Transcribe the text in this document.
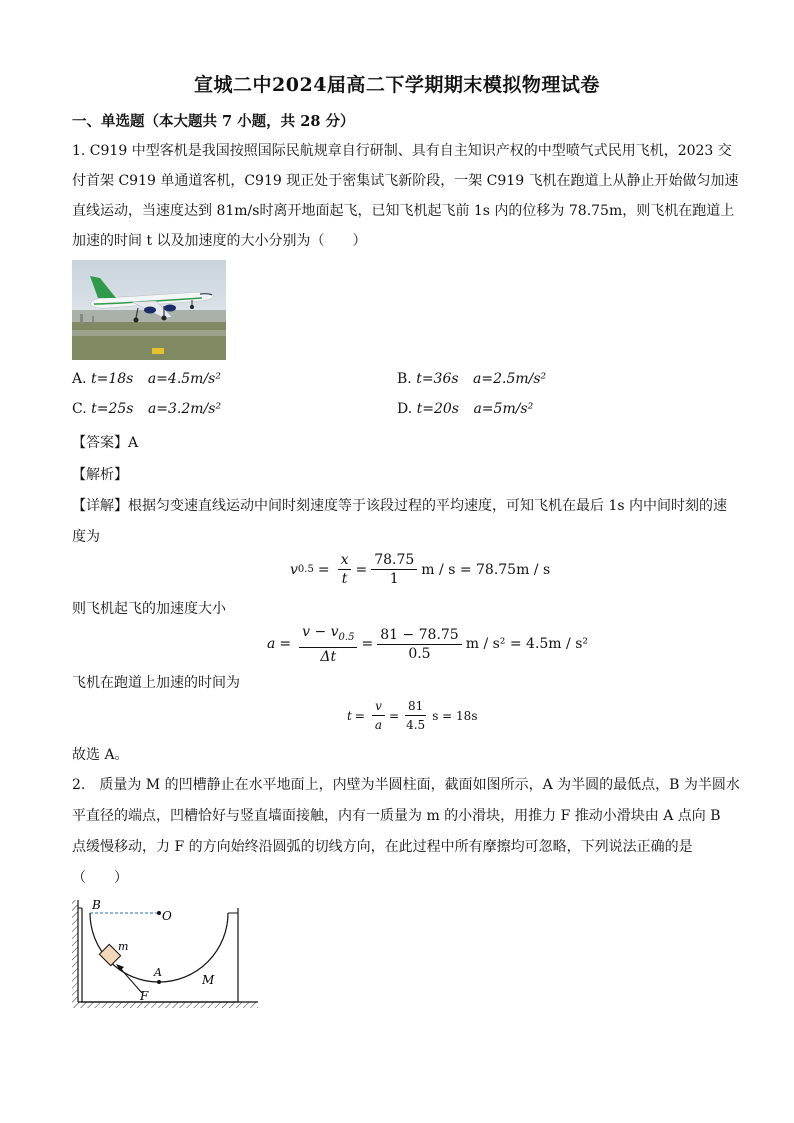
宣城二中2024届高二下学期期末模拟物理试卷
一、单选题（本大题共 7 小题，共 28 分）
1. C919 中型客机是我国按照国际民航规章自行研制、具有自主知识产权的中型喷气式民用飞机，2023 交
付首架 C919 单通道客机，C919 现正处于密集试飞新阶段，一架 C919 飞机在跑道上从静止开始做匀加速
直线运动，当速度达到 81m/s时离开地面起飞，已知飞机起飞前 1s 内的位移为 78.75m，则飞机在跑道上
加速的时间 t 以及加速度的大小分别为（　　）
A. t=18s a=4.5m/s²	B. t=36s a=2.5m/s²
C. t=25s a=3.2m/s²	D. t=20s a=5m/s²
【答案】A
【解析】
【详解】根据匀变速直线运动中间时刻速度等于该段过程的平均速度，可知飞机在最后 1s 内中间时刻的速
度为
v $0.5 = \frac{x}{t} = \frac{78.75}{1}$ m / s = 78.75m / s
则飞机起飞的加速度大小
$a = \frac{v - v_{0.5}}{\Delta t} = \frac{81 - 78.75}{0.5}$ m / s² = 4.5m / s²
飞机在跑道上加速的时间为
$t = \frac{v}{a} = \frac{81}{4.5}$ s = 18s
故选 A。
2.　质量为 M 的凹槽静止在水平地面上，内壁为半圆柱面，截面如图所示，A 为半圆的最低点，B 为半圆水
平直径的端点，凹槽恰好与竖直墙面接触，内有一质量为 m 的小滑块，用推力 F 推动小滑块由 A 点向 B
点缓慢移动，力 F 的方向始终沿圆弧的切线方向，在此过程中所有摩擦均可忽略，下列说法正确的是
（　　）
B
O
m
A
M
F
